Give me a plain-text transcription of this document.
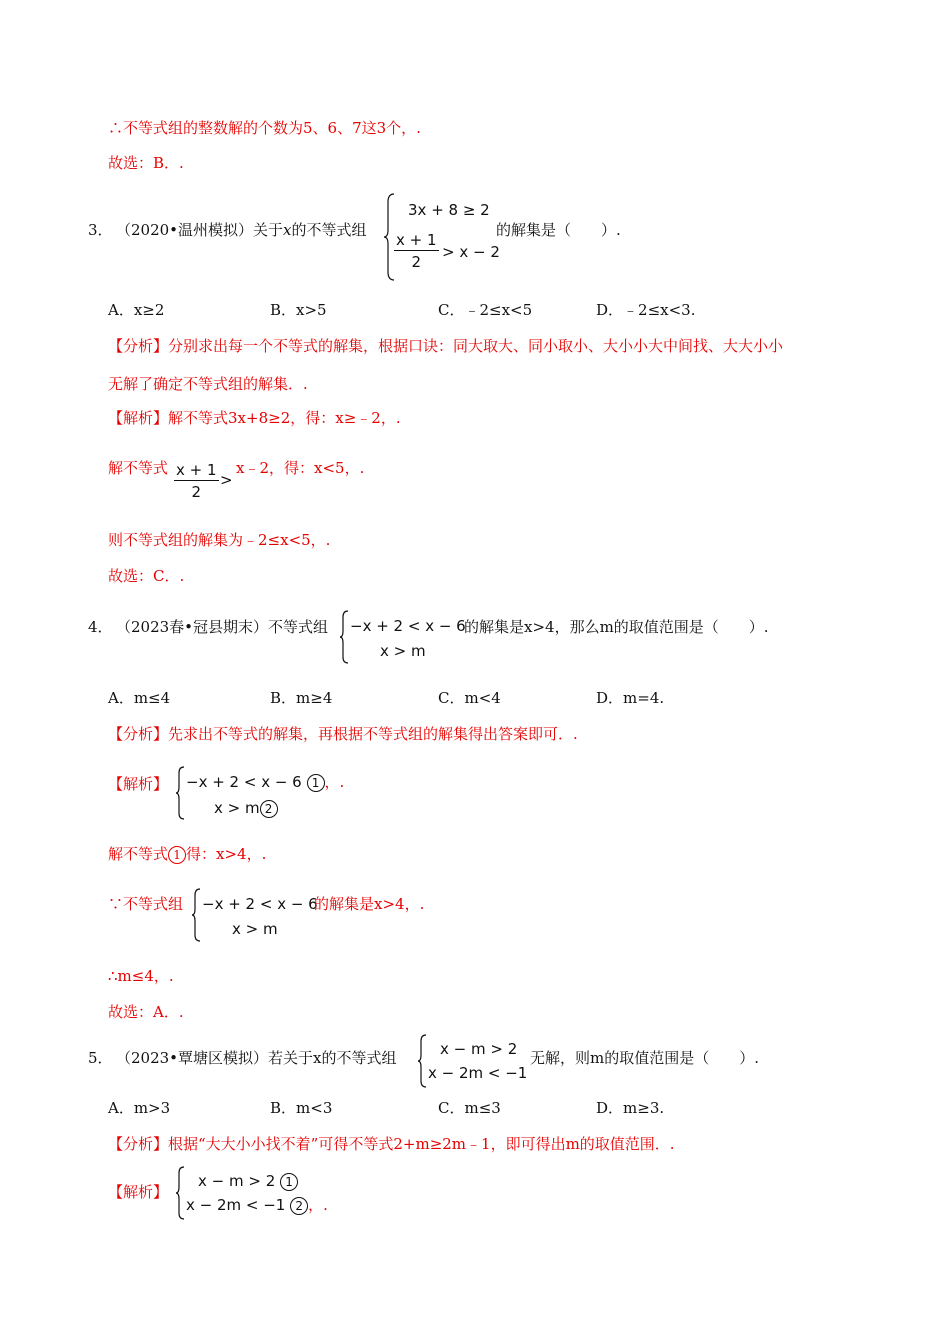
∴不等式组的整数解的个数为5、6、7这3个，.
故选：B．.
3． （2020•温州模拟）关于x的不等式组
3x + 8 ≥ 2
$\frac{x + 1}{2} > x - 2$
的解集是（　　）.
A．x≥2	B．x>5	C．﹣2≤x<5	D．﹣2≤x<3.
【分析】分别求出每一个不等式的解集，根据口诀：同大取大、同小取小、大小小大中间找、大大小小
无解了确定不等式组的解集．.
【解析】解不等式3x+8≥2，得：x≥﹣2，.
解不等式 $\frac{x + 1}{2}$ >
x﹣2，得：x<5，.
则不等式组的解集为﹣2≤x<5，.
故选：C．.
4． （2023春•冠县期末）不等式组 −x + 2 < x − 6
x > m
的解集是x>4，那么m的取值范围是（　　）.
A．m≤4	B．m≥4	C．m<4	D．m=4.
【分析】先求出不等式的解集，再根据不等式组的解集得出答案即可．.
【解析】 −x + 2 < x − 6 1 ，.
x > m 2
解不等式 1 得：x>4，.
∵不等式组 −x + 2 < x − 6
x > m
的解集是x>4，.
∴m≤4，.
故选：A．.
5． （2023•覃塘区模拟）若关于x的不等式组	x − m > 2
x − 2m < −1
无解，则m的取值范围是（　　）.
A．m>3	B．m<3	C．m≤3	D．m≥3.
【分析】根据“大大小小找不着”可得不等式2+m≥2m﹣1，即可得出m的取值范围．.
【解析】
x − m > 2 1
x − 2m < −1 2 ，.
